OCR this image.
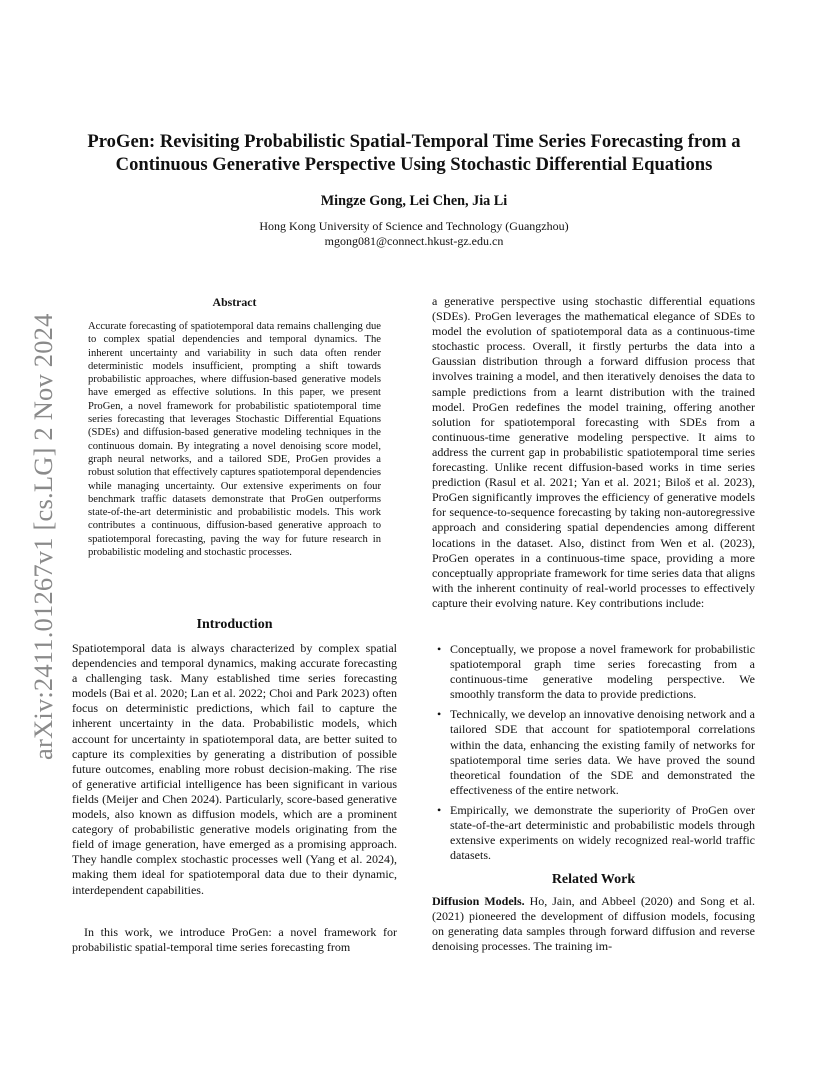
arXiv:2411.01267v1 [cs.LG] 2 Nov 2024
ProGen: Revisiting Probabilistic Spatial-Temporal Time Series Forecasting from a Continuous Generative Perspective Using Stochastic Differential Equations

Mingze Gong, Lei Chen, Jia Li

Hong Kong University of Science and Technology (Guangzhou)
mgong081@connect.hkust-gz.edu.cn
Abstract

Accurate forecasting of spatiotemporal data remains challenging due to complex spatial dependencies and temporal dynamics. The inherent uncertainty and variability in such data often render deterministic models insufficient, prompting a shift towards probabilistic approaches, where diffusion-based generative models have emerged as effective solutions. In this paper, we present ProGen, a novel framework for probabilistic spatiotemporal time series forecasting that leverages Stochastic Differential Equations (SDEs) and diffusion-based generative modeling techniques in the continuous domain. By integrating a novel denoising score model, graph neural networks, and a tailored SDE, ProGen provides a robust solution that effectively captures spatiotemporal dependencies while managing uncertainty. Our extensive experiments on four benchmark traffic datasets demonstrate that ProGen outperforms state-of-the-art deterministic and probabilistic models. This work contributes a continuous, diffusion-based generative approach to spatiotemporal forecasting, paving the way for future research in probabilistic modeling and stochastic processes.

Introduction

Spatiotemporal data is always characterized by complex spatial dependencies and temporal dynamics, making accurate forecasting a challenging task. Many established time series forecasting models (Bai et al. 2020; Lan et al. 2022; Choi and Park 2023) often focus on deterministic predictions, which fail to capture the inherent uncertainty in the data. Probabilistic models, which account for uncertainty in spatiotemporal data, are better suited to capture its complexities by generating a distribution of possible future outcomes, enabling more robust decision-making. The rise of generative artificial intelligence has been significant in various fields (Meijer and Chen 2024). Particularly, score-based generative models, also known as diffusion models, which are a prominent category of probabilistic generative models originating from the field of image generation, have emerged as a promising approach. They handle complex stochastic processes well (Yang et al. 2024), making them ideal for spatiotemporal data due to their dynamic, interdependent capabilities.

In this work, we introduce ProGen: a novel framework for probabilistic spatial-temporal time series forecasting from

a generative perspective using stochastic differential equations (SDEs). ProGen leverages the mathematical elegance of SDEs to model the evolution of spatiotemporal data as a continuous-time stochastic process. Overall, it firstly perturbs the data into a Gaussian distribution through a forward diffusion process that involves training a model, and then iteratively denoises the data to sample predictions from a learnt distribution with the trained model. ProGen redefines the model training, offering another solution for spatiotemporal forecasting with SDEs from a continuous-time generative modeling perspective. It aims to address the current gap in probabilistic spatiotemporal time series forecasting. Unlike recent diffusion-based works in time series prediction (Rasul et al. 2021; Yan et al. 2021; Biloš et al. 2023), ProGen significantly improves the efficiency of generative models for sequence-to-sequence forecasting by taking non-autoregressive approach and considering spatial dependencies among different locations in the dataset. Also, distinct from Wen et al. (2023), ProGen operates in a continuous-time space, providing a more conceptually appropriate framework for time series data that aligns with the inherent continuity of real-world processes to effectively capture their evolving nature. Key contributions include:

• Conceptually, we propose a novel framework for probabilistic spatiotemporal graph time series forecasting from a continuous-time generative modeling perspective. We smoothly transform the data to provide predictions.
• Technically, we develop an innovative denoising network and a tailored SDE that account for spatiotemporal correlations within the data, enhancing the existing family of networks for spatiotemporal time series data. We have proved the sound theoretical foundation of the SDE and demonstrated the effectiveness of the entire network.
• Empirically, we demonstrate the superiority of ProGen over state-of-the-art deterministic and probabilistic models through extensive experiments on widely recognized real-world traffic datasets.
Related Work

Diffusion Models. Ho, Jain, and Abbeel (2020) and Song et al. (2021) pioneered the development of diffusion models, focusing on generating data samples through forward diffusion and reverse denoising processes. The training im-
